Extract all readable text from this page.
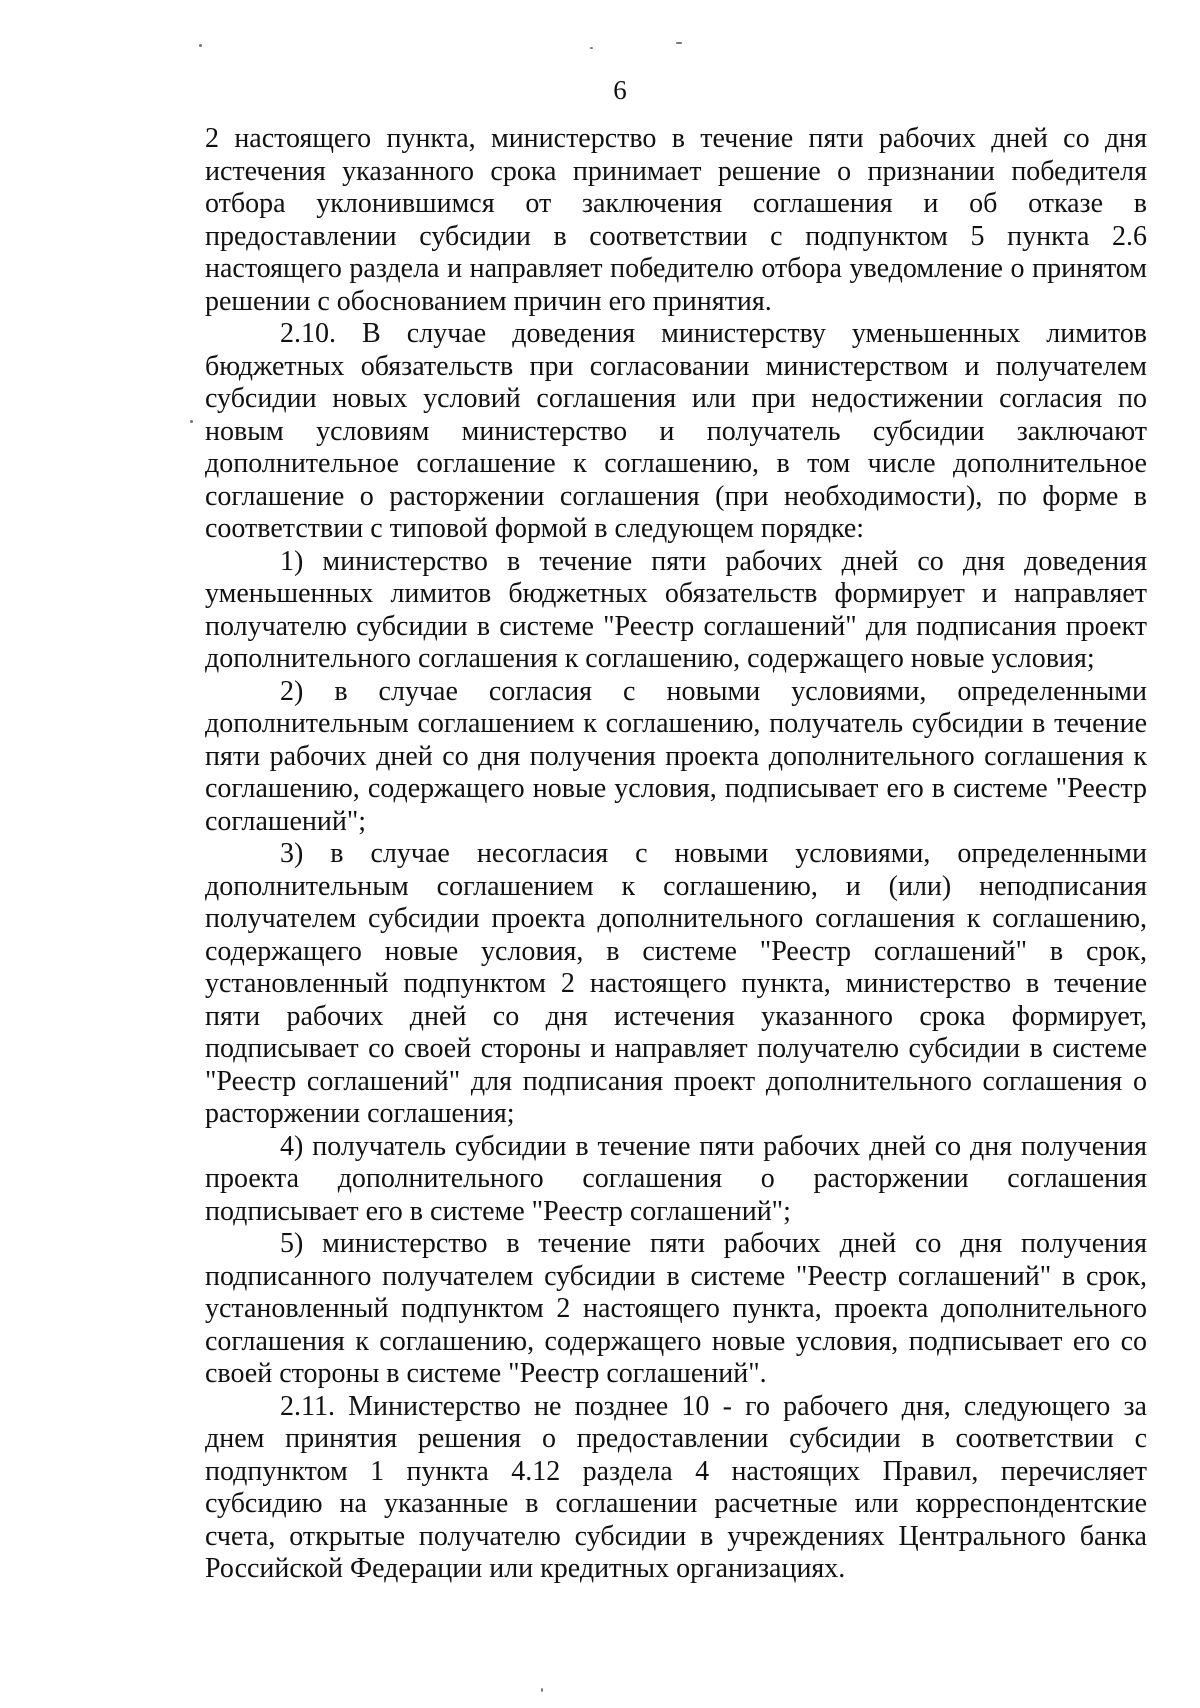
6

2 настоящего пункта, министерство в течение пяти рабочих дней со дня истечения указанного срока принимает решение о признании победителя отбора уклонившимся от заключения соглашения и об отказе в предоставлении субсидии в соответствии с подпунктом 5 пункта 2.6 настоящего раздела и направляет победителю отбора уведомление о принятом решении с обоснованием причин его принятия.

2.10. В случае доведения министерству уменьшенных лимитов бюджетных обязательств при согласовании министерством и получателем субсидии новых условий соглашения или при недостижении согласия по новым условиям министерство и получатель субсидии заключают дополнительное соглашение к соглашению, в том числе дополнительное соглашение о расторжении соглашения (при необходимости), по форме в соответствии с типовой формой в следующем порядке:

1) министерство в течение пяти рабочих дней со дня доведения уменьшенных лимитов бюджетных обязательств формирует и направляет получателю субсидии в системе "Реестр соглашений" для подписания проект дополнительного соглашения к соглашению, содержащего новые условия;

2) в случае согласия с новыми условиями, определенными дополнительным соглашением к соглашению, получатель субсидии в течение пяти рабочих дней со дня получения проекта дополнительного соглашения к соглашению, содержащего новые условия, подписывает его в системе "Реестр соглашений";

3) в случае несогласия с новыми условиями, определенными дополнительным соглашением к соглашению, и (или) неподписания получателем субсидии проекта дополнительного соглашения к соглашению, содержащего новые условия, в системе "Реестр соглашений" в срок, установленный подпунктом 2 настоящего пункта, министерство в течение пяти рабочих дней со дня истечения указанного срока формирует, подписывает со своей стороны и направляет получателю субсидии в системе "Реестр соглашений" для подписания проект дополнительного соглашения о расторжении соглашения;

4) получатель субсидии в течение пяти рабочих дней со дня получения проекта дополнительного соглашения о расторжении соглашения подписывает его в системе "Реестр соглашений";

5) министерство в течение пяти рабочих дней со дня получения подписанного получателем субсидии в системе "Реестр соглашений" в срок, установленный подпунктом 2 настоящего пункта, проекта дополнительного соглашения к соглашению, содержащего новые условия, подписывает его со своей стороны в системе "Реестр соглашений".

2.11. Министерство не позднее 10 - го рабочего дня, следующего за днем принятия решения о предоставлении субсидии в соответствии с подпунктом 1 пункта 4.12 раздела 4 настоящих Правил, перечисляет субсидию на указанные в соглашении расчетные или корреспондентские счета, открытые получателю субсидии в учреждениях Центрального банка Российской Федерации или кредитных организациях.
